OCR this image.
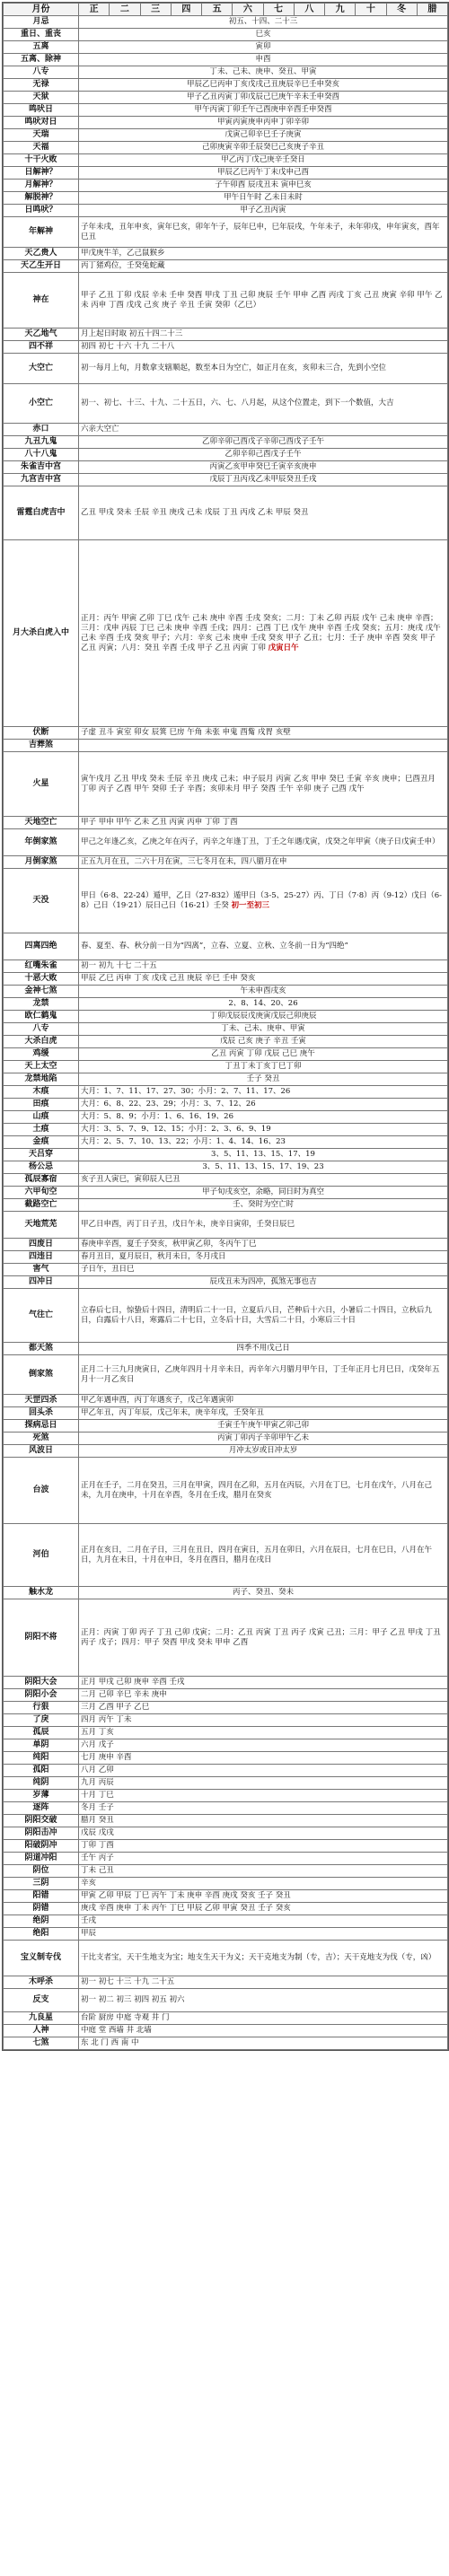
月份	正	二	三	四	五	六	七	八	九	十	冬	腊
月忌	初五、十四、二十三											
重日、重丧	巳亥											
五离	寅卯											
五离、除神	申酉											
八专	丁未、己未、庚申、癸丑、甲寅											
无禄	甲辰乙巳丙申丁亥戊戌己丑庚辰辛巳壬申癸亥											
天狱	甲子乙丑丙寅丁卯戊辰己巳庚午辛未壬申癸酉											
鸣吠日	甲午丙寅丁卯壬午己酉庚申辛酉壬申癸酉											
鸣吠对日	甲寅丙寅庚申丙申丁卯辛卯											
天瑞	戊寅己卯辛巳壬子庚寅											
天福	己卯庚寅辛卯壬辰癸巳己亥庚子辛丑											
十干火败	甲乙丙丁戊己庚辛壬癸日											
日解神？	甲辰乙巳丙午丁未戊申己酉											
月解神？	子午卯酉 辰戌丑未 寅申巳亥											
解脱神？	甲午日午时 乙未日未时											
日鸣吠？	甲子乙丑丙寅											
年解神	子年未戌，丑年申亥，寅年巳亥，卯年午子，辰年巳申，巳年辰戌，午年未子，未年卯戌，申年寅亥，酉年巳丑											
天乙贵人	甲戊庚牛羊，乙己鼠猴乡											
天乙生开日	丙丁猪鸡位，壬癸兔蛇藏											
神在	甲子 乙丑 丁卯 戊辰 辛未 壬申 癸酉 甲戌 丁丑 己卯 庚辰 壬午 甲申 乙酉 丙戌 丁亥 己丑 庚寅 辛卯 甲午 乙未 丙申 丁酉 戊戌 己亥 庚子 辛丑 壬寅 癸卯（乙巳）											
天乙地气	月上起日时取 初五十四二十三											
四不祥	初四 初七 十六 十九 二十八											
大空亡	初一每月上旬，月数拿支辖顺起，数至本日为空亡，如正月在亥，亥卯未三合，先到小空位											
小空亡	初一、初七、十三、十九、二十五日，六、七、八月起，从这个位置走，到下一个数值，大吉											
赤口	六亲大空亡											
九丑九鬼	乙卯辛卯己酉戊子辛卯己酉戊子壬午											
八十八鬼	乙卯辛卯己酉戊子壬午											
朱雀吉中宫	丙寅乙亥甲申癸巳壬寅辛亥庚申											
九宫吉中宫	戊辰丁丑丙戌乙未甲辰癸丑壬戌											
雷霆白虎吉中	乙丑 甲戌 癸未 壬辰 辛丑 庚戌 己未 戊辰 丁丑 丙戌 乙未 甲辰 癸丑											
月大杀白虎入中	正月：丙午 甲寅 乙卯 丁巳 戊午 己未 庚申 辛酉 壬戌 癸亥；二月：丁未 乙卯 丙辰 戊午 己未 庚申 辛酉；三月：戊申 丙辰 丁巳 己未 庚申 辛酉 壬戌；四月：己酉 丁巳 戊午 庚申 辛酉 壬戌 癸亥；五月：庚戌 戊午 己未 辛酉 壬戌 癸亥 甲子；六月：辛亥 己未 庚申 壬戌 癸亥 甲子 乙丑；七月：壬子 庚申 辛酉 癸亥 甲子 乙丑 丙寅；八月：癸丑 辛酉 壬戌 甲子 乙丑 丙寅 丁卯 戊寅日午											
伏断	子虚 丑斗 寅室 卯女 辰箕 巳房 午角 未张 申鬼 酉觜 戌胃 亥壁											
吉葬煞												
火星	寅午戌月 乙丑 甲戌 癸未 壬辰 辛丑 庚戌 己未；申子辰月 丙寅 乙亥 甲申 癸巳 壬寅 辛亥 庚申；巳酉丑月 丁卯 丙子 乙酉 甲午 癸卯 壬子 辛酉；亥卯未月 甲子 癸酉 壬午 辛卯 庚子 己酉 戊午											
天地空亡	甲子 甲申 甲午 乙未 乙丑 丙寅 丙申 丁卯 丁酉											
年倒家煞	甲己之年逢乙亥，乙庚之年在丙子，丙辛之年逢丁丑，丁壬之年遇戊寅，戊癸之年甲寅（庚子日戊寅壬申）											
月倒家煞	正五九月在丑，二六十月在寅，三七冬月在未，四八腊月在申											
天没	甲日（6·8、22-24）遁甲，乙日（27-832）遁甲日（3-5、25-27）丙、丁日（7·8）丙（9-12）戊日（6-8）己日（19·21）辰日己日（16-21）壬癸 初一至初三											
四离四绝	春、夏至、春、秋分前一日为“四离”，立春、立夏、立秋、立冬前一日为“四绝”											
红嘴朱雀	初一 初九 十七 二十五											
十恶大败	甲辰 乙巳 丙申 丁亥 戊戌 己丑 庚辰 辛巳 壬申 癸亥											
金神七煞	午未申酉戌亥											
龙禁	2、8、14、20、26											
欧仁鹤鬼	丁卯戊辰辰戊庚寅戊辰己卯庚辰											
八专	丁未、己未、庚申、甲寅											
大杀白虎	戊辰 己亥 庚子 辛丑 壬寅											
鸡缓	乙丑 丙寅 丁卯 戊辰 己巳 庚午											
天上太空	丁丑丁未丁亥丁巳丁卯											
龙禁地陷	壬子 癸丑											
木痕	大月：1、7、11、17、27、30；小月：2、7、11、17、26											
田痕	大月：6、8、22、23、29；小月：3、7、12、26											
山痕	大月：5、8、9；小月：1、6、16、19、26											
土痕	大月：3、5、7、9、12、15；小月：2、3、6、9、19											
金痕	大月：2、5、7、10、13、22；小月：1、4、14、16、23											
天吕穿	3、5、11、13、15、17、19											
杨公忌	3、5、11、13、15、17、19、23											
孤辰寡宿	亥子丑人寅巳，寅卯辰人巳丑											
六甲旬空	甲子旬戌亥空，余略，同日时为真空											
截路空亡	壬、癸时为空亡时											
天地荒芜	甲乙日申酉，丙丁日子丑，戊日午未，庚辛日寅卯，壬癸日辰巳											
四废日	春庚申辛酉，夏壬子癸亥，秋甲寅乙卯，冬丙午丁巳											
四违日	春月丑日，夏月辰日，秋月未日，冬月戌日											
害气	子日午，丑日巳											
四冲日	辰戌丑未为四冲，孤煞无事也吉											
气往亡	立春后七日，惊蛰后十四日，清明后二十一日，立夏后八日，芒种后十六日，小暑后二十四日，立秋后九日，白露后十八日，寒露后二十七日，立冬后十日，大雪后二十日，小寒后三十日											
都天煞	四季不用戊己日											
倒家煞	正月二十三九月庚寅日，乙庚年四月十月辛未日，丙辛年六月腊月甲午日，丁壬年正月七月巳日，戊癸年五月十一月乙亥日											
天罡四杀	甲乙年遇申酉，丙丁年遇亥子，戊己年遇寅卯											
回头杀	甲乙年丑，丙丁年辰，戊己年未，庚辛年戌，壬癸年丑											
探病忌日	壬寅壬午庚午甲寅乙卯己卯											
死煞	丙寅丁卯丙子辛卯甲午乙未											
风波日	月冲太岁或日冲太岁											
台波	正月在壬子，二月在癸丑，三月在甲寅，四月在乙卯，五月在丙辰，六月在丁巳，七月在戊午，八月在己未，九月在庚申，十月在辛酉，冬月在壬戌，腊月在癸亥											
河伯	正月在亥日，二月在子日，三月在丑日，四月在寅日，五月在卯日，六月在辰日，七月在巳日，八月在午日，九月在未日，十月在申日，冬月在酉日，腊月在戌日											
触水龙	丙子、癸丑、癸未											
阴阳不将	正月：丙寅 丁卯 丙子 丁丑 己卯 戊寅；二月：乙丑 丙寅 丁丑 丙子 戊寅 己丑；三月：甲子 乙丑 甲戌 丁丑 丙子 戊子；四月：甲子 癸酉 甲戌 癸未 甲申 乙酉											
阴阳大会	正月 甲戌 己卯 庚申 辛酉 壬戌											
阴阳小会	二月 己卯 辛巳 辛未 庚申											
行狠	三月 乙酉 甲子 乙巳											
了戾	四月 丙午 丁未											
孤辰	五月 丁亥											
单阴	六月 戊子											
纯阳	七月 庚申 辛酉											
孤阳	八月 乙卯											
纯阴	九月 丙辰											
岁薄	十月 丁巳											
逐阵	冬月 壬子											
阴阳交破	腊月 癸丑											
阴阳击冲	戊辰 戊戌											
阳破阴冲	丁卯 丁酉											
阴道冲阳	壬午 丙子											
阴位	丁未 己丑											
三阴	辛亥											
阳错	甲寅 乙卯 甲辰 丁巳 丙午 丁未 庚申 辛酉 庚戌 癸亥 壬子 癸丑											
阴错	庚戌 辛酉 庚申 丁未 丙午 丁巳 甲辰 乙卯 甲寅 癸丑 壬子 癸亥											
绝阴	壬戌											
绝阳	甲辰											
宝义制专伐	干比支者宝，天干生地支为宝；地支生天干为义；天干克地支为制（专，吉）；天干克地支为伐（专，凶）											
木呼杀	初一 初七 十三 十九 二十五											
反支	初一 初二 初三 初四 初五 初六											
九良星	台阶 厨房 中庭 寺观 井 门											
人神	中庭 堂 西墙 井 北墙											
七煞	东 北 门 西 南 中											
